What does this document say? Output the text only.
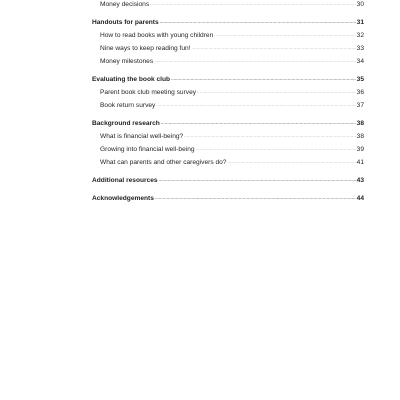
Money decisions .....	30
Handouts for parents .....	31
How to read books with young children .....	32
Nine ways to keep reading fun! .....	33
Money milestones .....	34
Evaluating the book club .....	35
Parent book club meeting survey .....	36
Book return survey .....	37
Background research .....	38
What is financial well-being? .....	38
Growing into financial well-being .....	39
What can parents and other caregivers do? .....	41
Additional resources .....	43
Acknowledgements .....	44
